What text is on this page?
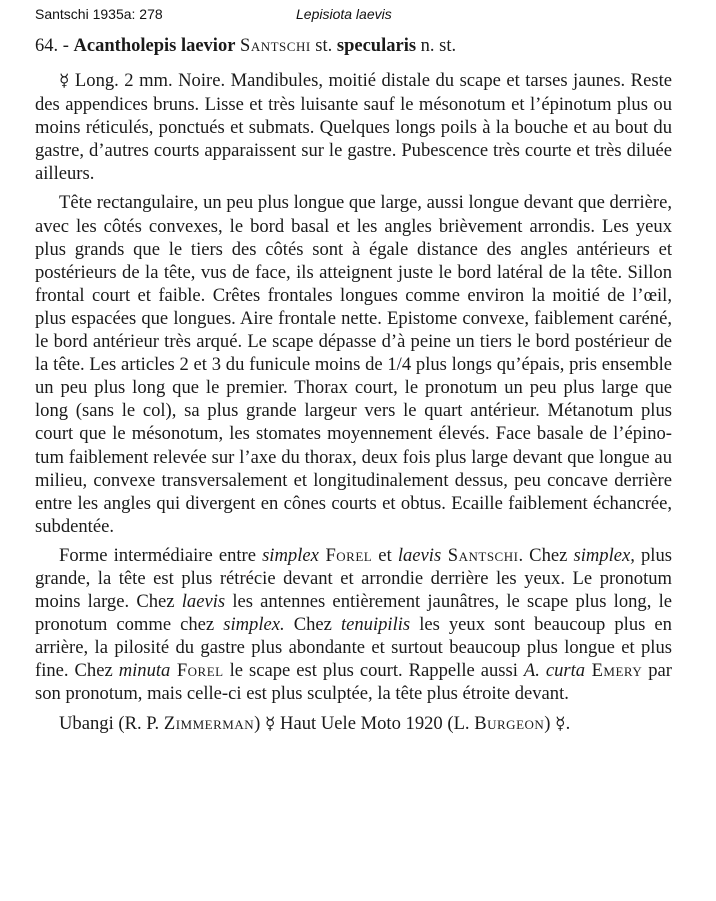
Santschi 1935a: 278	Lepisiota laevis
64. - Acantholepis laevior Santschi st. specularis n. st.

☿ Long. 2 mm. Noire. Mandibules, moitié distale du scape et tarses jaunes. Reste des appendices bruns. Lisse et très luisante sauf le mésonotum et l’épinotum plus ou moins réticulés, ponctués et submats. Quelques longs poils à la bouche et au bout du gastre, d’autres courts apparaissent sur le gastre. Pubescence très courte et très diluée ailleurs.

Tête rectangulaire, un peu plus longue que large, aussi longue devant que derrière, avec les côtés convexes, le bord basal et les angles brièvement arrondis. Les yeux plus grands que le tiers des côtés sont à égale distance des angles antérieurs et postérieurs de la tête, vus de face, ils atteignent juste le bord latéral de la tête. Sillon frontal court et faible. Crêtes frontales longues comme environ la moitié de l’œil, plus espacées que longues. Aire frontale nette. Epistome convexe, faiblement caréné, le bord antérieur très arqué. Le scape dépasse d’à peine un tiers le bord postérieur de la tête. Les articles 2 et 3 du funicule moins de 1/4 plus longs qu’épais, pris ensemble un peu plus long que le premier. Thorax court, le pronotum un peu plus large que long (sans le col), sa plus grande largeur vers le quart antérieur. Métanotum plus court que le mésonotum, les stomates moyennement élevés. Face basale de l’épinotum faiblement relevée sur l’axe du thorax, deux fois plus large devant que longue au milieu, convexe transversalement et longitudinalement dessus, peu concave derrière entre les angles qui divergent en cônes courts et obtus. Ecaille faiblement échancrée, subdentée.

Forme intermédiaire entre simplex Forel et laevis Santschi. Chez simplex, plus grande, la tête est plus rétrécie devant et arrondie derrière les yeux. Le pronotum moins large. Chez laevis les antennes entièrement jaunâtres, le scape plus long, le pronotum comme chez simplex. Chez tenuipilis les yeux sont beaucoup plus en arrière, la pilosité du gastre plus abondante et surtout beaucoup plus longue et plus fine. Chez minuta Forel le scape est plus court. Rappelle aussi A. curta Emery par son pronotum, mais celle-ci est plus sculptée, la tête plus étroite devant.

Ubangi (R. P. Zimmerman) ☿ Haut Uele Moto 1920 (L. Burgeon) ☿.
